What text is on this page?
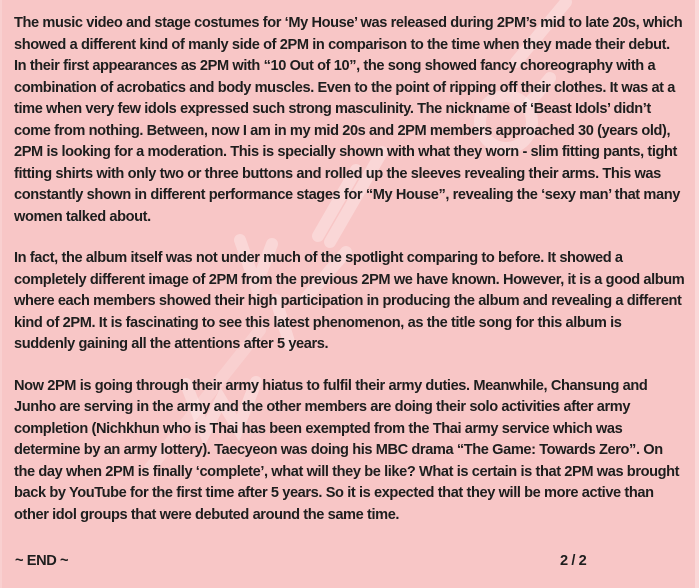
The music video and stage costumes for ‘My House’ was released during 2PM’s mid to late 20s, which showed a different kind of manly side of 2PM in comparison to the time when they made their debut. In their first appearances as 2PM with “10 Out of 10”, the song showed fancy choreography with a combination of acrobatics and body muscles. Even to the point of ripping off their clothes. It was at a time when very few idols expressed such strong masculinity. The nickname of ‘Beast Idols’ didn’t come from nothing. Between, now I am in my mid 20s and 2PM members approached 30 (years old), 2PM is looking for a moderation. This is specially shown with what they worn - slim fitting pants, tight fitting shirts with only two or three buttons and rolled up the sleeves revealing their arms. This was constantly shown in different performance stages for “My House”, revealing the ‘sexy man’ that many women talked about.

In fact, the album itself was not under much of the spotlight comparing to before. It showed a completely different image of 2PM from the previous 2PM we have known. However, it is a good album where each members showed their high participation in producing the album and revealing a different kind of 2PM. It is fascinating to see this latest phenomenon, as the title song for this album is suddenly gaining all the attentions after 5 years.

Now 2PM is going through their army hiatus to fulfil their army duties. Meanwhile, Chansung and Junho are serving in the army and the other members are doing their solo activities after army completion (Nichkhun who is Thai has been exempted from the Thai army service which was determine by an army lottery). Taecyeon was doing his MBC drama “The Game: Towards Zero”. On the day when 2PM is finally ‘complete’, what will they be like? What is certain is that 2PM was brought back by YouTube for the first time after 5 years. So it is expected that they will be more active than other idol groups that were debuted around the same time.

~ END ~	2 / 2
